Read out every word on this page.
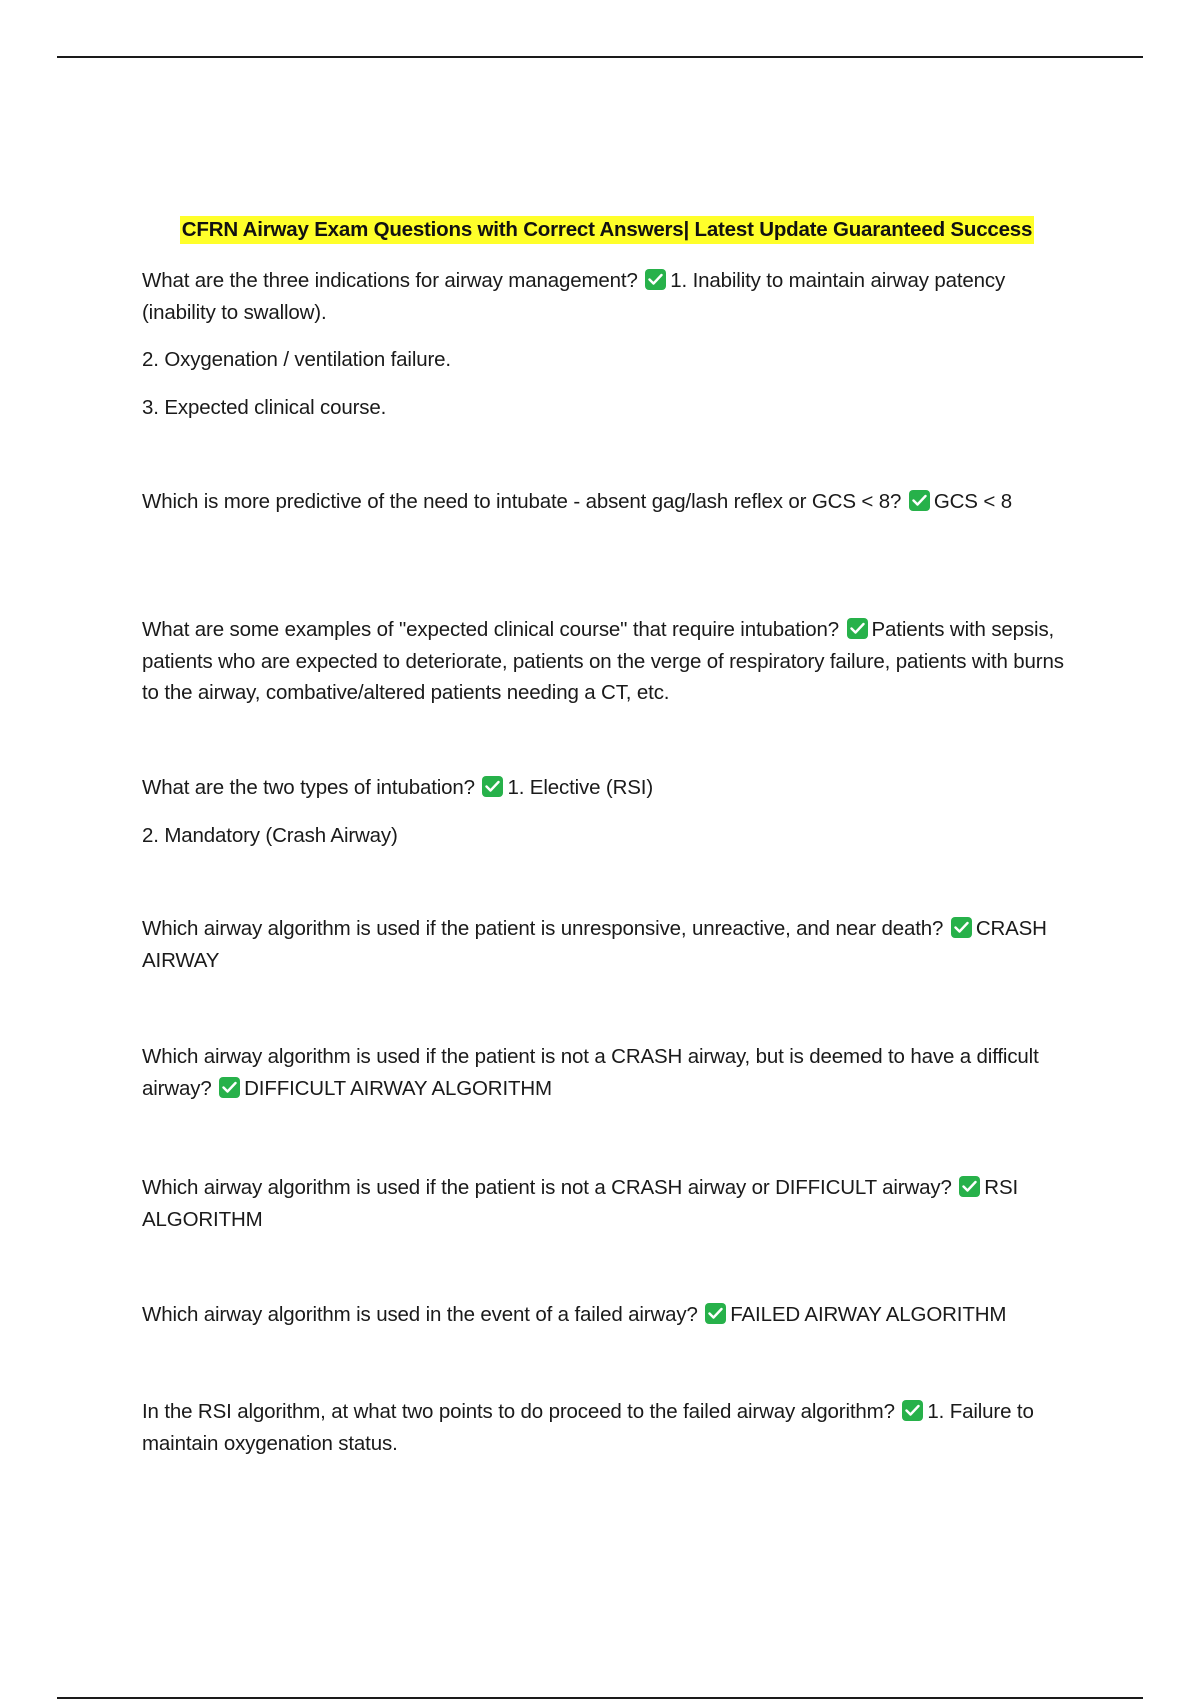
CFRN Airway Exam Questions with Correct Answers| Latest Update Guaranteed Success

What are the three indications for airway management? 1. Inability to maintain airway patency (inability to swallow).

2. Oxygenation / ventilation failure.

3. Expected clinical course.

Which is more predictive of the need to intubate - absent gag/lash reflex or GCS < 8? GCS < 8

What are some examples of "expected clinical course" that require intubation? Patients with sepsis, patients who are expected to deteriorate, patients on the verge of respiratory failure, patients with burns to the airway, combative/altered patients needing a CT, etc.

What are the two types of intubation? 1. Elective (RSI)

2. Mandatory (Crash Airway)

Which airway algorithm is used if the patient is unresponsive, unreactive, and near death? CRASH AIRWAY

Which airway algorithm is used if the patient is not a CRASH airway, but is deemed to have a difficult airway? DIFFICULT AIRWAY ALGORITHM

Which airway algorithm is used if the patient is not a CRASH airway or DIFFICULT airway? RSI ALGORITHM

Which airway algorithm is used in the event of a failed airway? FAILED AIRWAY ALGORITHM

In the RSI algorithm, at what two points to do proceed to the failed airway algorithm? 1. Failure to maintain oxygenation status.
